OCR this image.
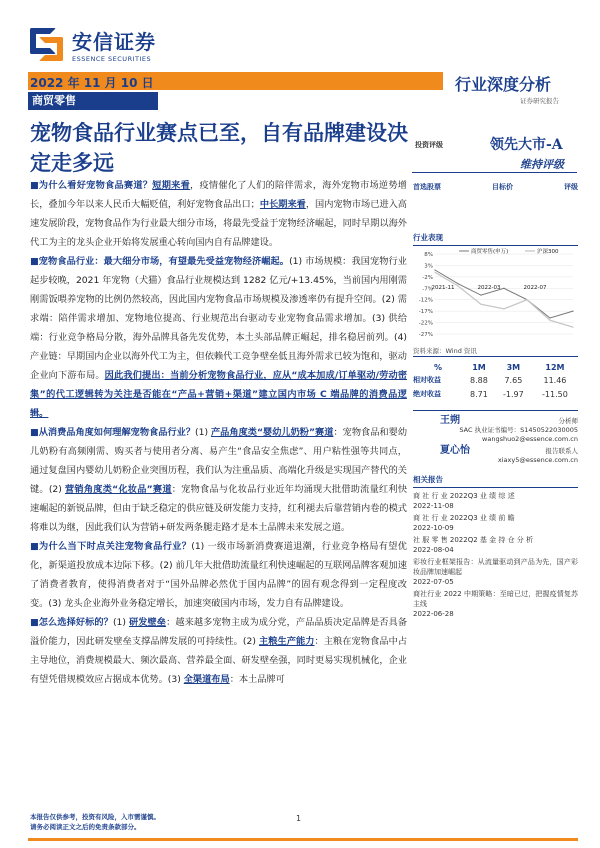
安信证券
ESSENCE SECURITIES
2022 年 11 月 10 日
商贸零售
行业深度分析
证券研究报告
宠物食品行业赛点已至，自有品牌建设决定走多远
投资评级	领先大市-A
维持评级
首选股票	目标价	评级
行业表现
8%
3%
-2%
-7%
-12%
-17%
-22%
-27%
2021-11	2022-03	2022-07
商贸零售(申万)	沪深300
资料来源：Wind 资讯
%	1M	3M	12M
相对收益	8.88	7.65	11.46
绝对收益	8.71	-1.97	-11.50
王朔	分析师
SAC 执业证书编号：S1450522030005
wangshuo2@essence.com.cn
夏心怡	报告联系人
xiaxy5@essence.com.cn
相关报告
商 社 行 业 2022Q3 业 绩 综 述
2022-11-08
商 社 行 业 2022Q3 业 绩 前 瞻
2022-10-09
社 服 零 售 2022Q2 基 金 持 仓 分 析
2022-08-04
彩妆行业框架报告：从流量驱动到产品为先，国产彩妆品牌加速崛起
2022-07-05
商社行业 2022 中期策略：至暗已过，把握疫情复苏主线
2022-06-28

■为什么看好宠物食品赛道？短期来看，疫情催化了人们的陪伴需求，海外宠物市场逆势增长，叠加今年以来人民币大幅贬值，利好宠物食品出口；中长期来看，国内宠物市场已进入高速发展阶段，宠物食品作为行业最大细分市场，将最先受益于宠物经济崛起，同时早期以海外代工为主的龙头企业开始将发展重心转向国内自有品牌建设。

■宠物食品行业：最大细分市场，有望最先受益宠物经济崛起。(1) 市场规模：我国宠物行业起步较晚，2021 年宠物（犬猫）食品行业规模达到 1282 亿元/+13.45%，当前国内用刚需刚需饭喂养宠物的比例仍然较高，因此国内宠物食品市场规模及渗透率仍有提升空间。(2) 需求端：陪伴需求增加、宠物地位提高、行业规范出台驱动专业宠物食品需求增加。(3) 供给端：行业竞争格局分散，海外品牌具备先发优势，本土头部品牌正崛起，排名稳居前列。(4) 产业链：早期国内企业以海外代工为主，但依赖代工竞争壁垒低且海外需求已较为饱和，驱动企业向下游布局。因此我们提出：当前分析宠物食品行业，应从“成本加成/订单驱动/劳动密集”的代工逻辑转为关注是否能在“产品+营销+渠道”建立国内市场 C 端品牌的消费品逻辑。

■从消费品角度如何理解宠物食品行业？(1) 产品角度类“婴幼儿奶粉”赛道：宠物食品和婴幼儿奶粉有高频刚需、购买者与使用者分离、易产生“食品安全焦虑”、用户粘性强等共同点，通过复盘国内婴幼儿奶粉企业突围历程，我们认为注重品质、高端化升级是实现国产替代的关键。(2) 营销角度类“化妆品”赛道：宠物食品与化妆品行业近年均涌现大批借助流量红利快速崛起的新锐品牌，但由于缺乏稳定的供应链及研发能力支持，红利褪去后靠营销内卷的模式将难以为继，因此我们认为营销+研发两条腿走路才是本土品牌未来发展之道。

■为什么当下时点关注宠物食品行业？(1) 一级市场新消费赛道退潮，行业竞争格局有望优化，新渠道投放成本边际下移。(2) 前几年大批借助流量红利快速崛起的互联网品牌客观加速了消费者教育，使得消费者对于“国外品牌必然优于国内品牌”的固有观念得到一定程度改变。(3) 龙头企业海外业务稳定增长，加速突破国内市场，发力自有品牌建设。

■怎么选择好标的？(1) 研发壁垒：越来越多宠物主成为成分党，产品品质决定品牌是否具备溢价能力，因此研发壁垒支撑品牌发展的可持续性。(2) 主粮生产能力：主粮在宠物食品中占主导地位，消费规模最大、频次最高、营养最全面、研发壁垒强，同时更易实现机械化，企业有望凭借规模效应占据成本优势。(3) 全渠道布局：本土品牌可

本报告仅供参考，投资有风险，入市需谨慎。
请务必阅读正文之后的免责条款部分。
1
